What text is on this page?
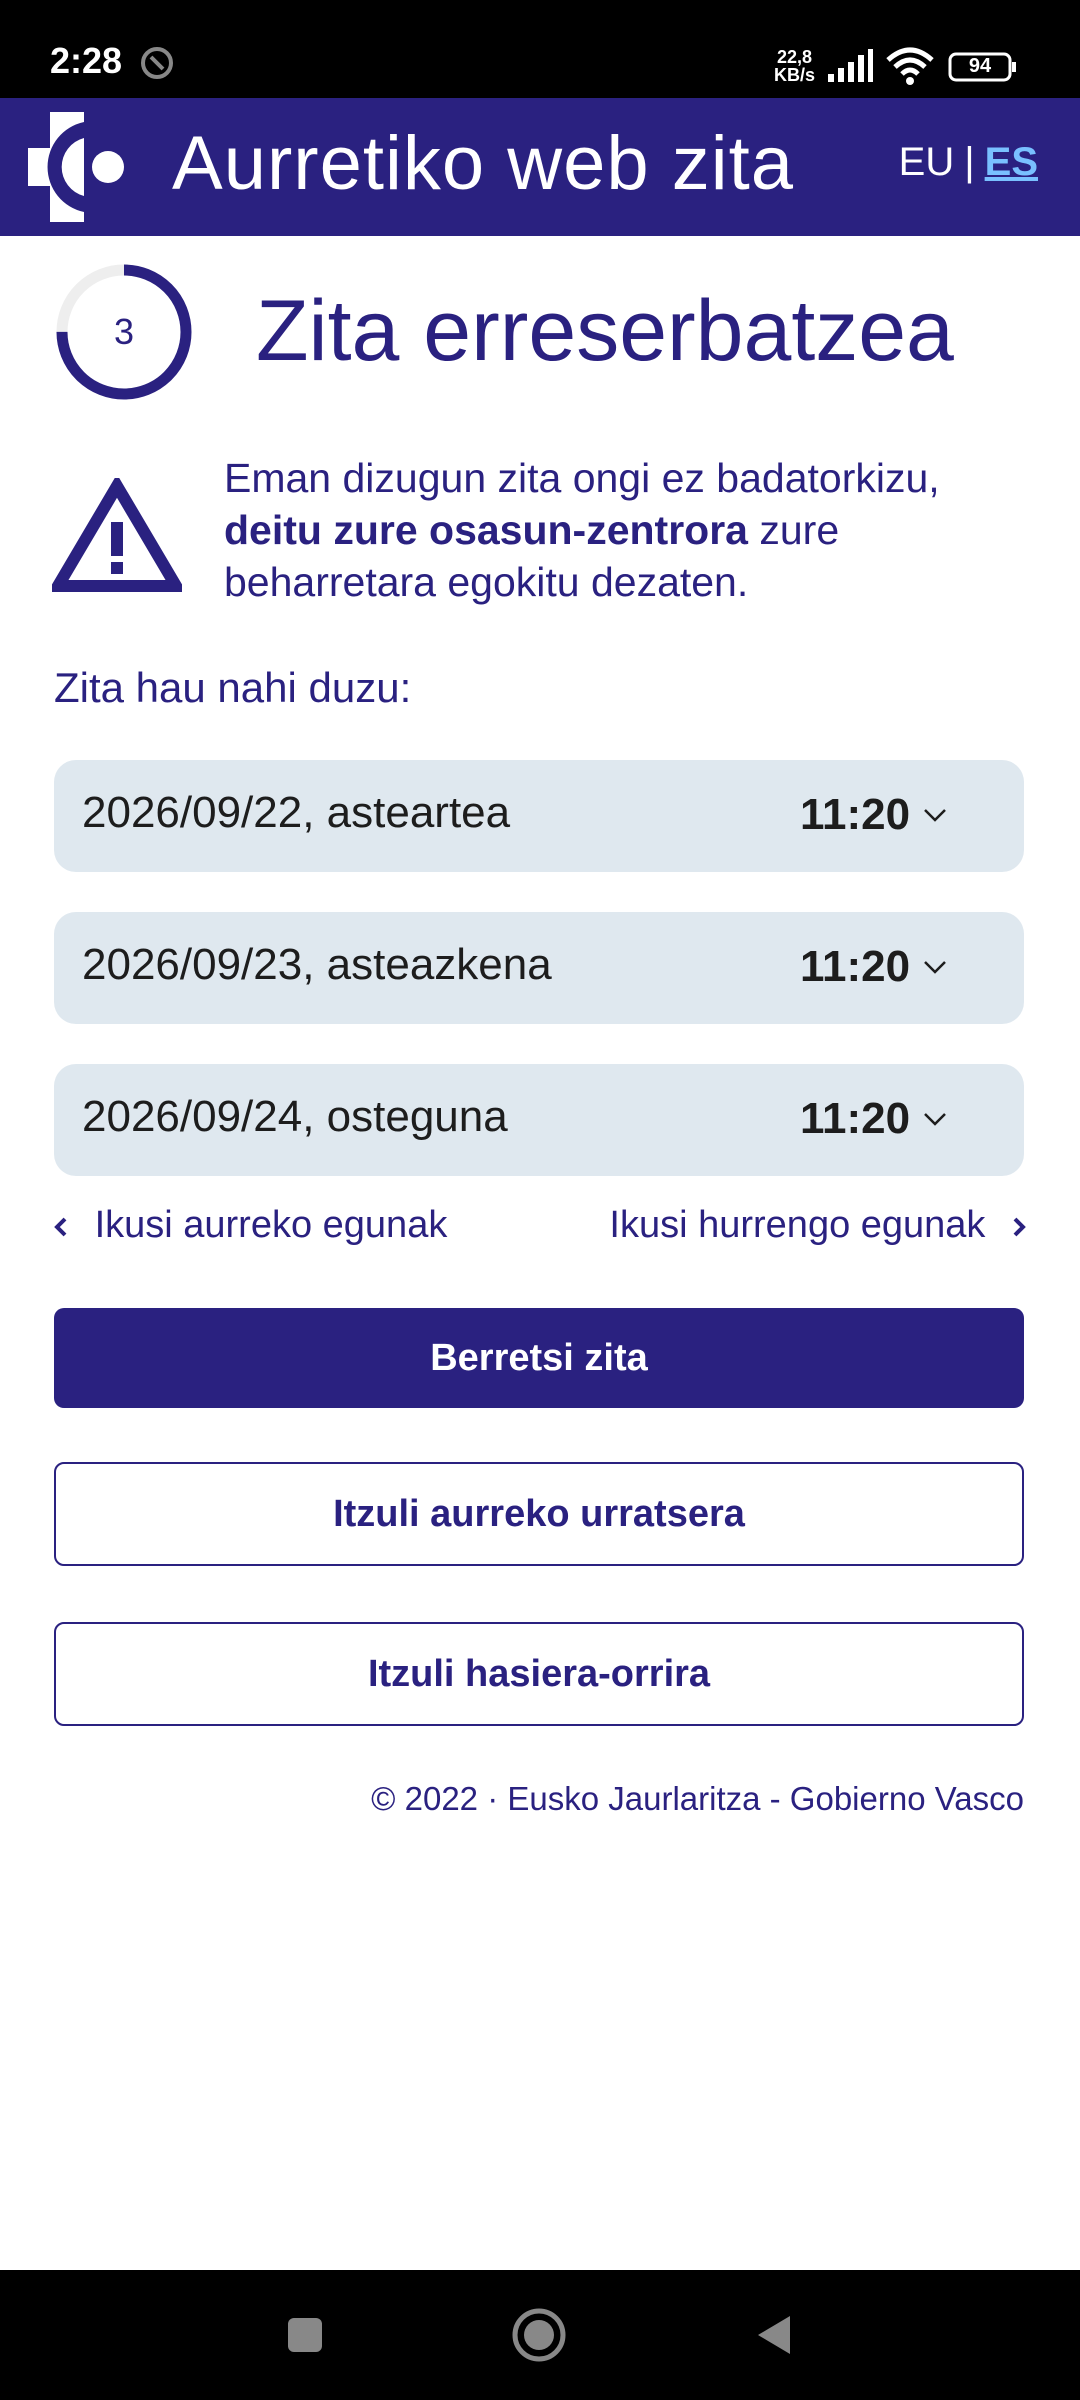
2:28	22,8
KB/s	94
Aurretiko web zita	EU | ES
3	Zita erreserbatzea
Eman dizugun zita ongi ez badatorkizu, deitu zure osasun-zentrora zure beharretara egokitu dezaten.
Zita hau nahi duzu:
2026/09/22, asteartea	11:20
2026/09/23, asteazkena	11:20
2026/09/24, osteguna	11:20
Ikusi aurreko egunak	Ikusi hurrengo egunak
Berretsi zita
Itzuli aurreko urratsera
Itzuli hasiera-orrira
© 2022 · Eusko Jaurlaritza - Gobierno Vasco
